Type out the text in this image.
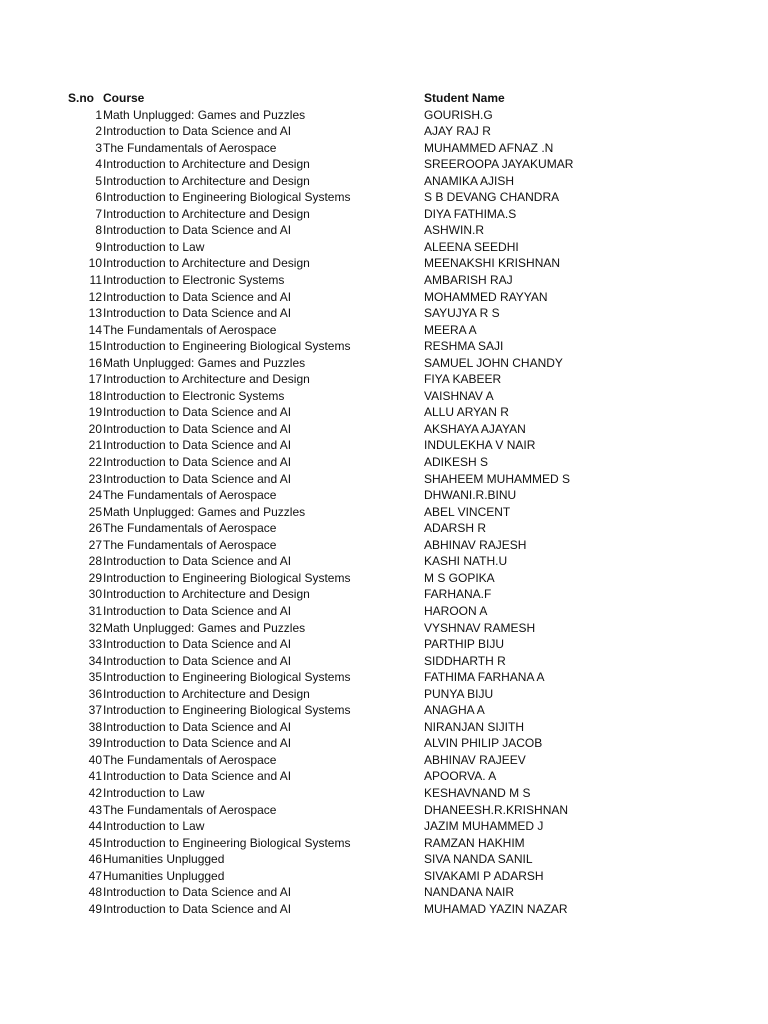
S.no Course	Student Name
1 Math Unplugged: Games and Puzzles	GOURISH.G
2 Introduction to Data Science and AI	AJAY RAJ R
3 The Fundamentals of Aerospace	MUHAMMED AFNAZ .N
4 Introduction to Architecture and Design	SREEROOPA JAYAKUMAR
5 Introduction to Architecture and Design	ANAMIKA AJISH
6 Introduction to Engineering Biological Systems	S B DEVANG CHANDRA
7 Introduction to Architecture and Design	DIYA FATHIMA.S
8 Introduction to Data Science and AI	ASHWIN.R
9 Introduction to Law	ALEENA SEEDHI
10 Introduction to Architecture and Design	MEENAKSHI KRISHNAN
11 Introduction to Electronic Systems	AMBARISH RAJ
12 Introduction to Data Science and AI	MOHAMMED RAYYAN
13 Introduction to Data Science and AI	SAYUJYA R S
14 The Fundamentals of Aerospace	MEERA A
15 Introduction to Engineering Biological Systems	RESHMA SAJI
16 Math Unplugged: Games and Puzzles	SAMUEL JOHN CHANDY
17 Introduction to Architecture and Design	FIYA KABEER
18 Introduction to Electronic Systems	VAISHNAV A
19 Introduction to Data Science and AI	ALLU ARYAN R
20 Introduction to Data Science and AI	AKSHAYA AJAYAN
21 Introduction to Data Science and AI	INDULEKHA V NAIR
22 Introduction to Data Science and AI	ADIKESH S
23 Introduction to Data Science and AI	SHAHEEM MUHAMMED S
24 The Fundamentals of Aerospace	DHWANI.R.BINU
25 Math Unplugged: Games and Puzzles	ABEL VINCENT
26 The Fundamentals of Aerospace	ADARSH R
27 The Fundamentals of Aerospace	ABHINAV RAJESH
28 Introduction to Data Science and AI	KASHI NATH.U
29 Introduction to Engineering Biological Systems	M S GOPIKA
30 Introduction to Architecture and Design	FARHANA.F
31 Introduction to Data Science and AI	HAROON A
32 Math Unplugged: Games and Puzzles	VYSHNAV RAMESH
33 Introduction to Data Science and AI	PARTHIP BIJU
34 Introduction to Data Science and AI	SIDDHARTH R
35 Introduction to Engineering Biological Systems	FATHIMA FARHANA A
36 Introduction to Architecture and Design	PUNYA BIJU
37 Introduction to Engineering Biological Systems	ANAGHA A
38 Introduction to Data Science and AI	NIRANJAN SIJITH
39 Introduction to Data Science and AI	ALVIN PHILIP JACOB
40 The Fundamentals of Aerospace	ABHINAV RAJEEV
41 Introduction to Data Science and AI	APOORVA. A
42 Introduction to Law	KESHAVNAND M S
43 The Fundamentals of Aerospace	DHANEESH.R.KRISHNAN
44 Introduction to Law	JAZIM MUHAMMED J
45 Introduction to Engineering Biological Systems	RAMZAN HAKHIM
46 Humanities Unplugged	SIVA NANDA SANIL
47 Humanities Unplugged	SIVAKAMI P ADARSH
48 Introduction to Data Science and AI	NANDANA NAIR
49 Introduction to Data Science and AI	MUHAMAD YAZIN NAZAR
